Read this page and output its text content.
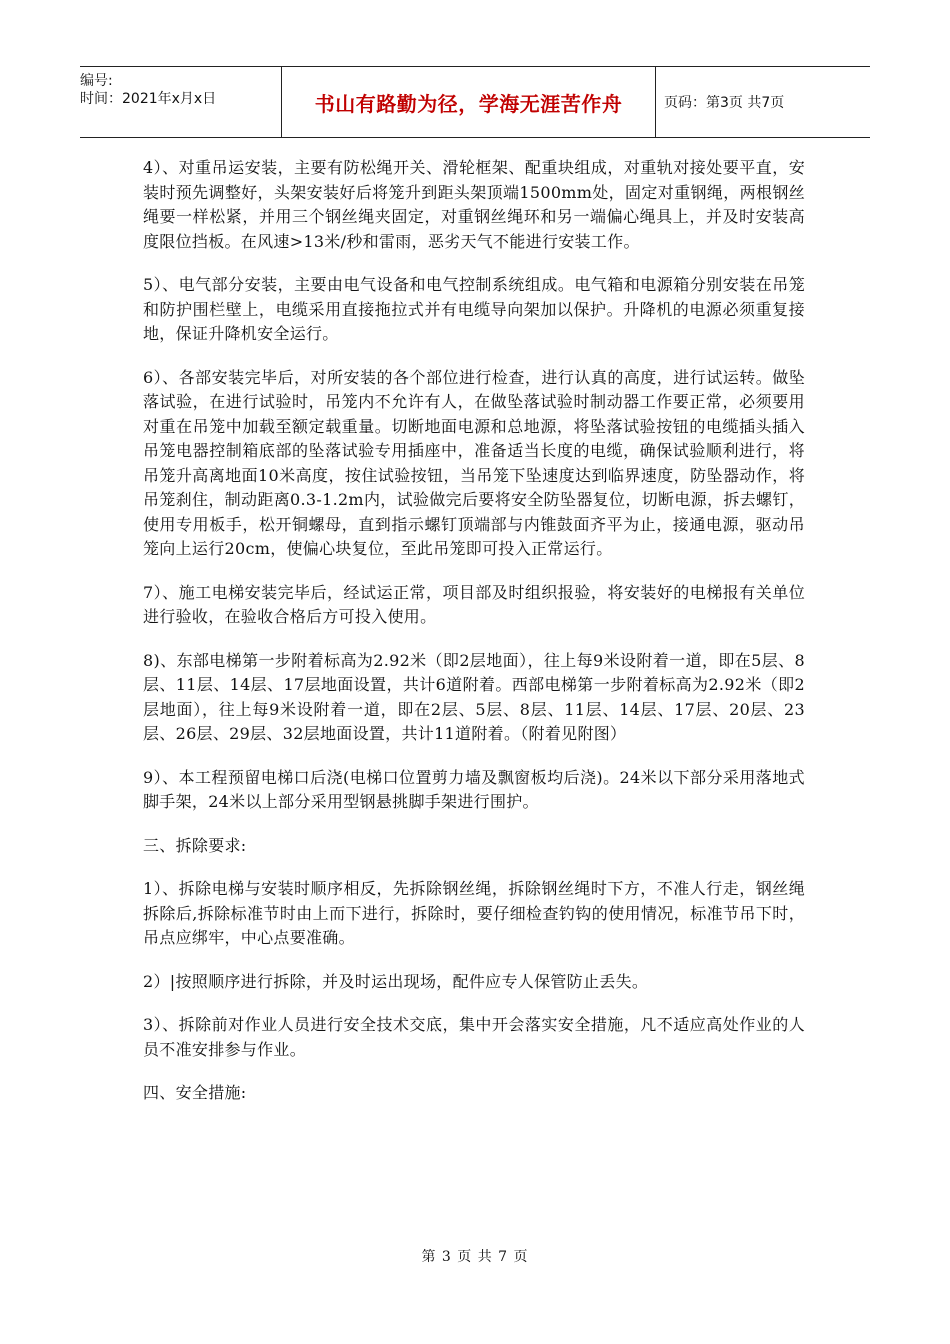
编号:
时间：2021年x月x日	书山有路勤为径，学海无涯苦作舟	页码：第3页 共7页

4）、对重吊运安装，主要有防松绳开关、滑轮框架、配重块组成，对重轨对接处要平直，安装时预先调整好，头架安装好后将笼升到距头架顶端1500mm处，固定对重钢绳，两根钢丝绳要一样松紧，并用三个钢丝绳夹固定，对重钢丝绳环和另一端偏心绳具上，并及时安装高度限位挡板。在风速>13米/秒和雷雨，恶劣天气不能进行安装工作。

5）、电气部分安装，主要由电气设备和电气控制系统组成。电气箱和电源箱分别安装在吊笼和防护围栏壁上，电缆采用直接拖拉式并有电缆导向架加以保护。升降机的电源必须重复接地，保证升降机安全运行。

6）、各部安装完毕后，对所安装的各个部位进行检查，进行认真的高度，进行试运转。做坠落试验，在进行试验时，吊笼内不允许有人，在做坠落试验时制动器工作要正常，必须要用对重在吊笼中加载至额定载重量。切断地面电源和总地源，将坠落试验按钮的电缆插头插入吊笼电器控制箱底部的坠落试验专用插座中，准备适当长度的电缆，确保试验顺利进行，将吊笼升高离地面10米高度，按住试验按钮，当吊笼下坠速度达到临界速度，防坠器动作，将吊笼刹住，制动距离0.3-1.2m内，试验做完后要将安全防坠器复位，切断电源，拆去螺钉，使用专用板手，松开铜螺母，直到指示螺钉顶端部与内锥鼓面齐平为止，接通电源，驱动吊笼向上运行20cm，使偏心块复位，至此吊笼即可投入正常运行。

7）、施工电梯安装完毕后，经试运正常，项目部及时组织报验，将安装好的电梯报有关单位进行验收，在验收合格后方可投入使用。

8)、东部电梯第一步附着标高为2.92米（即2层地面），往上每9米设附着一道，即在5层、8层、11层、14层、17层地面设置，共计6道附着。西部电梯第一步附着标高为2.92米（即2层地面），往上每9米设附着一道，即在2层、5层、8层、11层、14层、17层、20层、23层、26层、29层、32层地面设置，共计11道附着。（附着见附图）

9）、本工程预留电梯口后浇(电梯口位置剪力墙及飘窗板均后浇)。24米以下部分采用落地式脚手架，24米以上部分采用型钢悬挑脚手架进行围护。

三、拆除要求:

1）、拆除电梯与安装时顺序相反，先拆除钢丝绳，拆除钢丝绳时下方，不准人行走，钢丝绳拆除后,拆除标准节时由上而下进行，拆除时，要仔细检查钓钩的使用情况，标准节吊下时，吊点应绑牢，中心点要准确。

2）|按照顺序进行拆除，并及时运出现场，配件应专人保管防止丢失。

3）、拆除前对作业人员进行安全技术交底，集中开会落实安全措施，凡不适应高处作业的人员不准安排参与作业。

四、安全措施:

第 3 页 共 7 页
